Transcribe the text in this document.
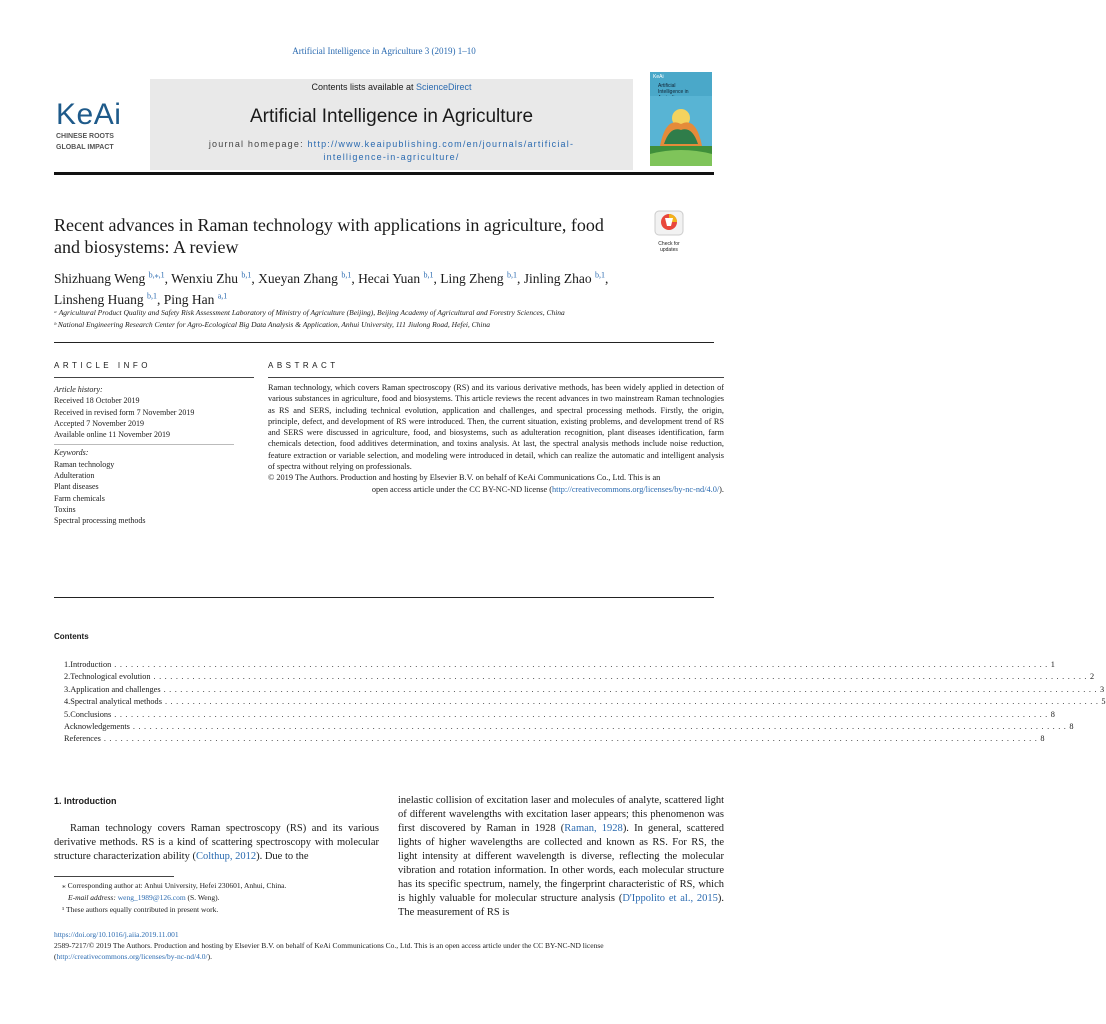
Artificial Intelligence in Agriculture 3 (2019) 1–10
KeAi
CHINESE ROOTS
GLOBAL IMPACT
Contents lists available at ScienceDirect
Artificial Intelligence in Agriculture
journal homepage: http://www.keaipublishing.com/en/journals/artificial-
intelligence-in-agriculture/
KeAi
Artificial Intelligence in
Recent advances in Raman technology with applications in agriculture, food and biosystems: A review	Check for
updates
Shizhuang Weng $^{b,⁎,1}$, Wenxiu Zhu $^{b,1}$, Xueyan Zhang $^{b,1}$, Hecai Yuan $^{b,1}$, Ling Zheng $^{b,1}$, Jinling Zhao $^{b,1}$,
Linsheng Huang $^{b,1}$, Ping Han $^{a,1}$
ᵃ Agricultural Product Quality and Safety Risk Assessment Laboratory of Ministry of Agriculture (Beijing), Beijing Academy of Agricultural and Forestry Sciences, China
ᵇ National Engineering Research Center for Agro-Ecological Big Data Analysis & Application, Anhui University, 111 Jiulong Road, Hefei, China
ARTICLE INFO	ABSTRACT
Article history:
Received 18 October 2019
Received in revised form 7 November 2019
Accepted 7 November 2019
Available online 11 November 2019
Keywords:
Raman technology
Adulteration
Plant diseases
Farm chemicals
Toxins
Spectral processing methods
Raman technology, which covers Raman spectroscopy (RS) and its various derivative methods, has been widely applied in detection of various substances in agriculture, food and biosystems. This article reviews the recent advances in two mainstream Raman technologies as RS and SERS, including technical evolution, application and challenges, and spectral processing methods. Firstly, the origin, principle, defect, and development of RS were introduced. Then, the current situation, existing problems, and development trend of RS and SERS were discussed in agriculture, food, and biosystems, such as adulteration recognition, plant diseases identification, farm chemicals detection, food additives determination, and toxins analysis. At last, the spectral analysis methods include noise reduction, feature extraction or variable selection, and modeling were introduced in detail, which can realize the automatic and intelligent analysis of spectra without relying on professionals.
© 2019 The Authors. Production and hosting by Elsevier B.V. on behalf of KeAi Communications Co., Ltd. This is an
open access article under the CC BY-NC-ND license (http://creativecommons.org/licenses/by-nc-nd/4.0/).
Contents
1. Introduction ........................................................................................................................................................................ 1
2. Technological evolution ........................................................................................................................................................................ 2
3. Application and challenges ........................................................................................................................................................................ 3
4. Spectral analytical methods ........................................................................................................................................................................ 5
5. Conclusions ........................................................................................................................................................................ 8
Acknowledgements ........................................................................................................................................................................ 8
References ........................................................................................................................................................................ 8
1. Introduction
Raman technology covers Raman spectroscopy (RS) and its various derivative methods. RS is a kind of scattering spectroscopy with molecular structure characterization ability (Colthup, 2012). Due to the
inelastic collision of excitation laser and molecules of analyte, scattered light of different wavelengths with excitation laser appears; this phenomenon was first discovered by Raman in 1928 (Raman, 1928). In general, scattered lights of higher wavelengths are collected and known as RS. For RS, the light intensity at different wavelength is diverse, reflecting the molecular vibration and rotation information. In other words, each molecular structure has its specific spectrum, namely, the fingerprint characteristic of RS, which is highly valuable for molecular structure analysis (D'Ippolito et al., 2015). The measurement of RS is
⁎ Corresponding author at: Anhui University, Hefei 230601, Anhui, China.
E-mail address: weng_1989@126.com (S. Weng).
¹ These authors equally contributed in present work.
https://doi.org/10.1016/j.aiia.2019.11.001
2589-7217/© 2019 The Authors. Production and hosting by Elsevier B.V. on behalf of KeAi Communications Co., Ltd. This is an open access article under the CC BY-NC-ND license
(http://creativecommons.org/licenses/by-nc-nd/4.0/).
